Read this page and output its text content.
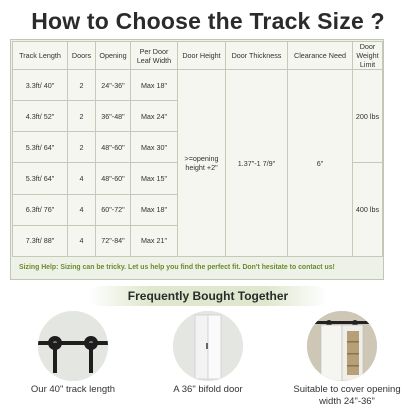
How to Choose the Track Size ?
Track Length	Doors	Opening	Per Door Leaf Width	Door Height	Door Thickness	Clearance Need	Door Weight Limit
3.3ft/ 40"	2	24"-36"	Max 18"	>=opening height +2"	1.37"-1 7/9"	6"	200 lbs
4.3ft/ 52"	2	36"-48"	Max 24"				
5.3ft/ 64"	2	48"-60"	Max 30"				
5.3ft/ 64"	4	48"-60"	Max 15"				400 lbs
6.3ft/ 76"	4	60"-72"	Max 18"				
7.3ft/ 88"	4	72"-84"	Max 21"				
Sizing Help: Sizing can be tricky. Let us help you find the perfect fit. Don't hesitate to contact us!
Frequently Bought Together
Our 40" track length	A 36" bifold door	Suitable to cover opening
width 24"-36"
